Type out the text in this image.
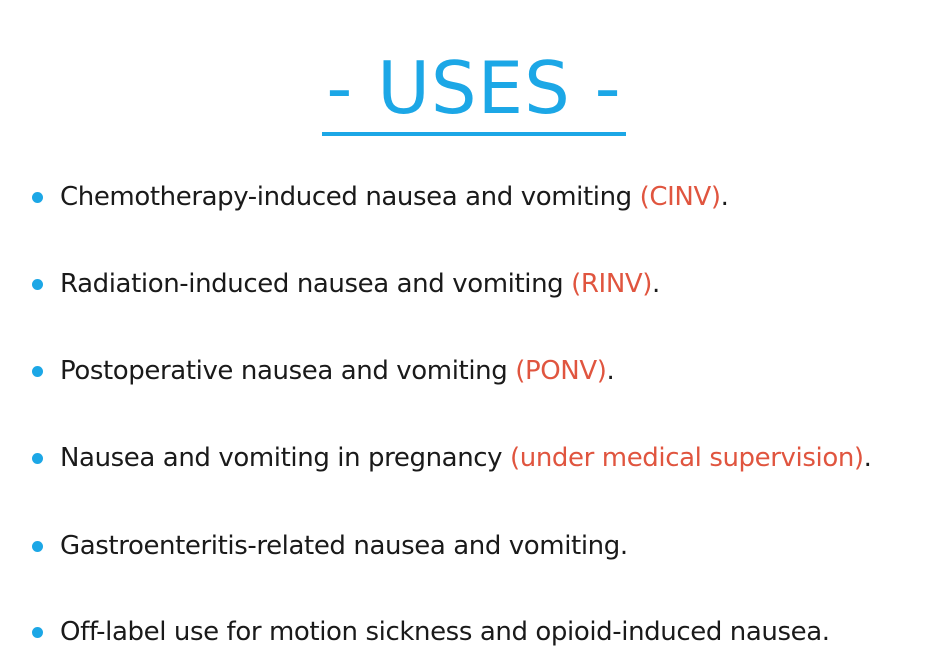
- USES -
Chemotherapy-induced nausea and vomiting (CINV).
Radiation-induced nausea and vomiting (RINV).
Postoperative nausea and vomiting (PONV).
Nausea and vomiting in pregnancy (under medical supervision).
Gastroenteritis-related nausea and vomiting.
Off-label use for motion sickness and opioid-induced nausea.
